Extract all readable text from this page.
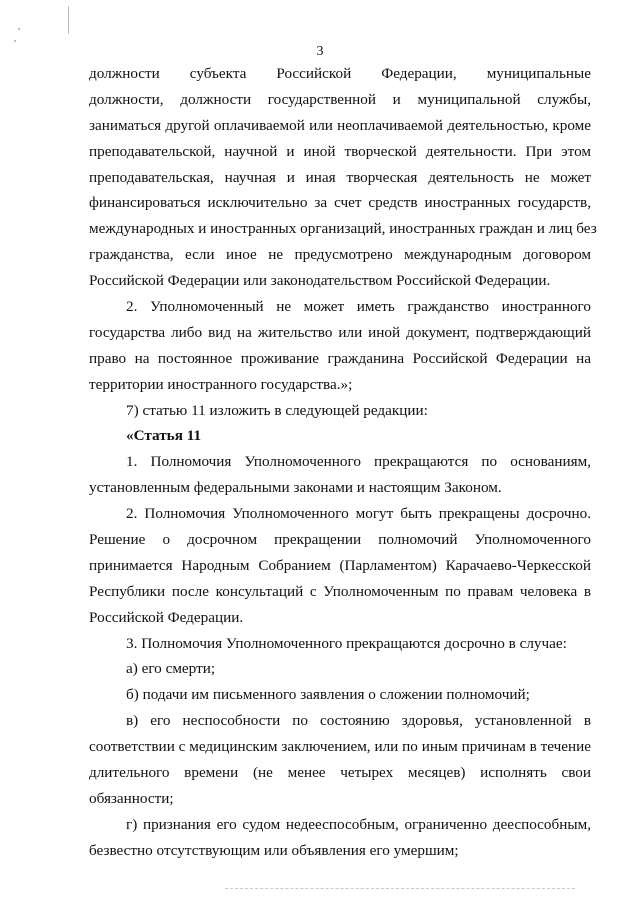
3
должности субъекта Российской Федерации, муниципальные
должности, должности государственной и муниципальной службы,
заниматься другой оплачиваемой или неоплачиваемой деятельностью, кроме
преподавательской, научной и иной творческой деятельности. При этом
преподавательская, научная и иная творческая деятельность не может
финансироваться исключительно за счет средств иностранных государств,
международных и иностранных организаций, иностранных граждан и лиц без
гражданства, если иное не предусмотрено международным договором
Российской Федерации или законодательством Российской Федерации.
2. Уполномоченный не может иметь гражданство иностранного
государства либо вид на жительство или иной документ, подтверждающий
право на постоянное проживание гражданина Российской Федерации на
территории иностранного государства.»;
7) статью 11 изложить в следующей редакции:
«Статья 11
1. Полномочия Уполномоченного прекращаются по основаниям,
установленным федеральными законами и настоящим Законом.
2. Полномочия Уполномоченного могут быть прекращены досрочно.
Решение о досрочном прекращении полномочий Уполномоченного
принимается Народным Собранием (Парламентом) Карачаево-Черкесской
Республики после консультаций с Уполномоченным по правам человека в
Российской Федерации.
3. Полномочия Уполномоченного прекращаются досрочно в случае:
а) его смерти;
б) подачи им письменного заявления о сложении полномочий;
в) его неспособности по состоянию здоровья, установленной в
соответствии с медицинским заключением, или по иным причинам в течение
длительного времени (не менее четырех месяцев) исполнять свои
обязанности;
г) признания его судом недееспособным, ограниченно дееспособным,
безвестно отсутствующим или объявления его умершим;
